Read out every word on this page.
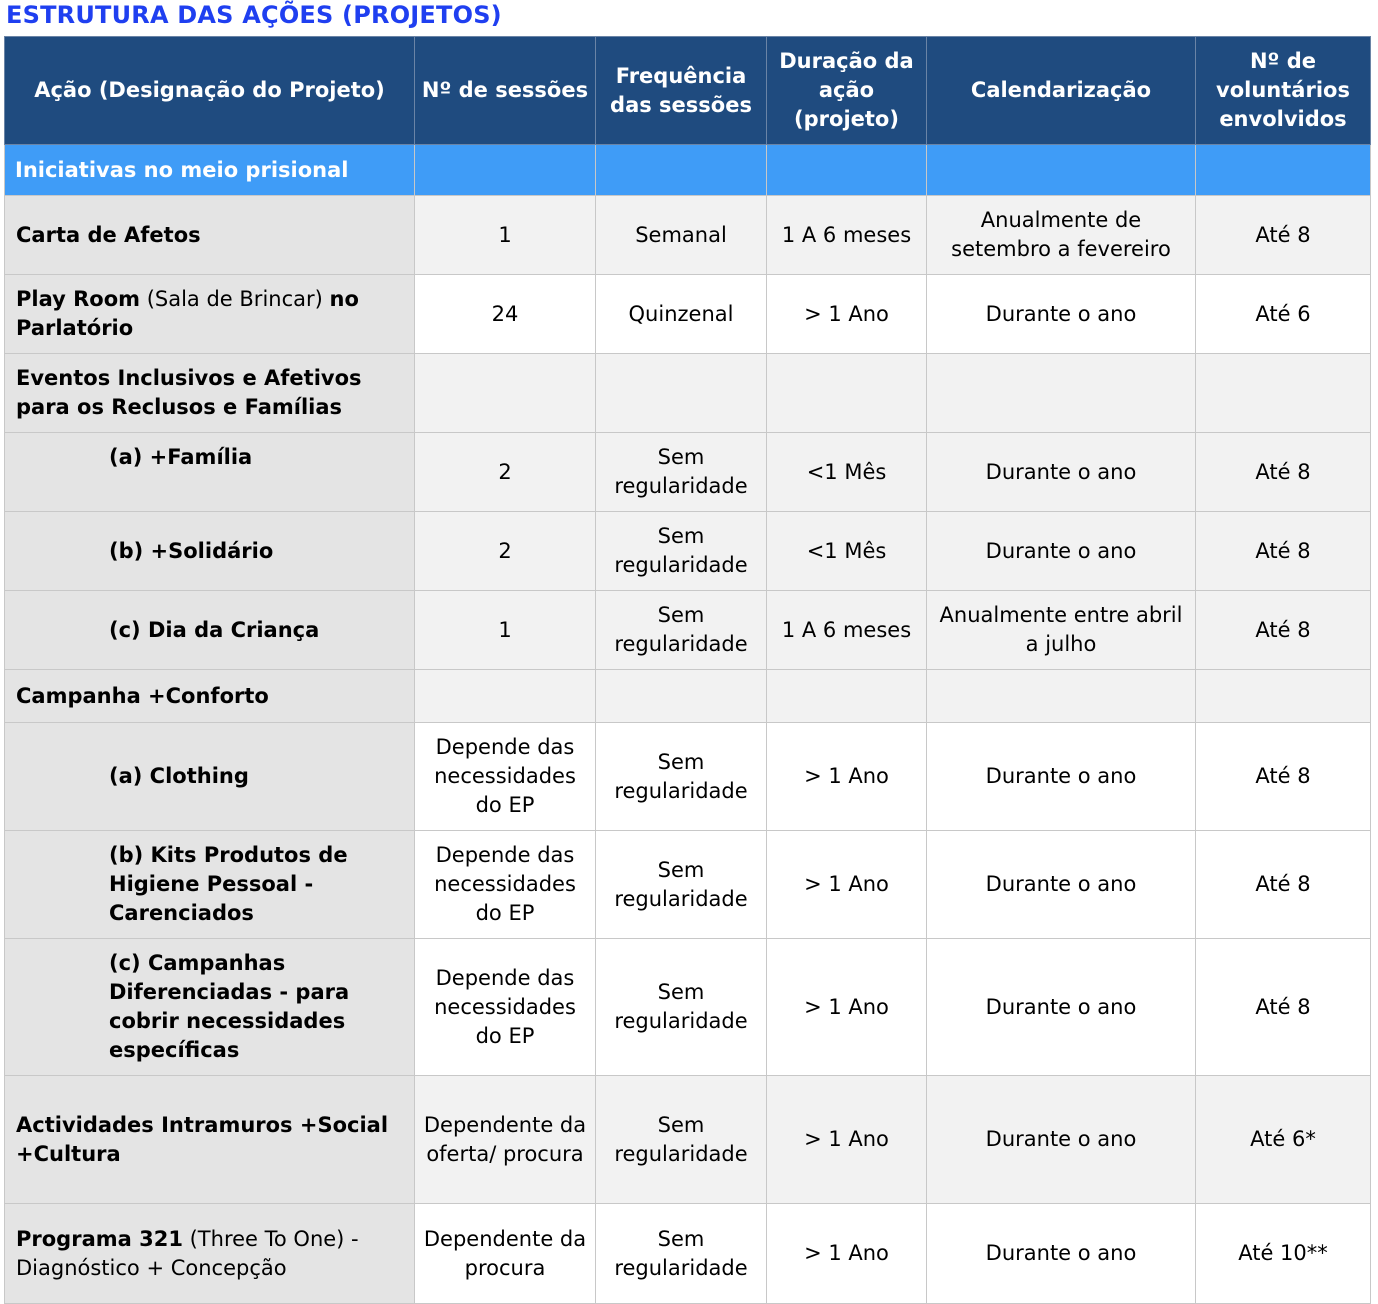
ESTRUTURA DAS AÇÕES (PROJETOS)
Ação (Designação do Projeto)	Nº de sessões	Frequência das sessões	Duração da ação (projeto)	Calendarização	Nº de voluntários envolvidos
Iniciativas no meio prisional					
Carta de Afetos	1	Semanal	1 A 6 meses	Anualmente de setembro a fevereiro	Até 8
Play Room (Sala de Brincar) no Parlatório	24	Quinzenal	> 1 Ano	Durante o ano	Até 6
Eventos Inclusivos e Afetivos para os Reclusos e Famílias					
(a) +Família	2	Sem regularidade	<1 Mês	Durante o ano	Até 8
(b) +Solidário	2	Sem regularidade	<1 Mês	Durante o ano	Até 8
(c) Dia da Criança	1	Sem regularidade	1 A 6 meses	Anualmente entre abril a julho	Até 8
Campanha +Conforto					
(a) Clothing	Depende das necessidades do EP	Sem regularidade	> 1 Ano	Durante o ano	Até 8
(b) Kits Produtos de Higiene Pessoal - Carenciados	Depende das necessidades do EP	Sem regularidade	> 1 Ano	Durante o ano	Até 8
(c) Campanhas Diferenciadas - para cobrir necessidades específicas	Depende das necessidades do EP	Sem regularidade	> 1 Ano	Durante o ano	Até 8
Actividades Intramuros +Social +Cultura	Dependente da oferta/ procura	Sem regularidade	> 1 Ano	Durante o ano	Até 6*
Programa 321 (Three To One) - Diagnóstico + Concepção	Dependente da procura	Sem regularidade	> 1 Ano	Durante o ano	Até 10**
